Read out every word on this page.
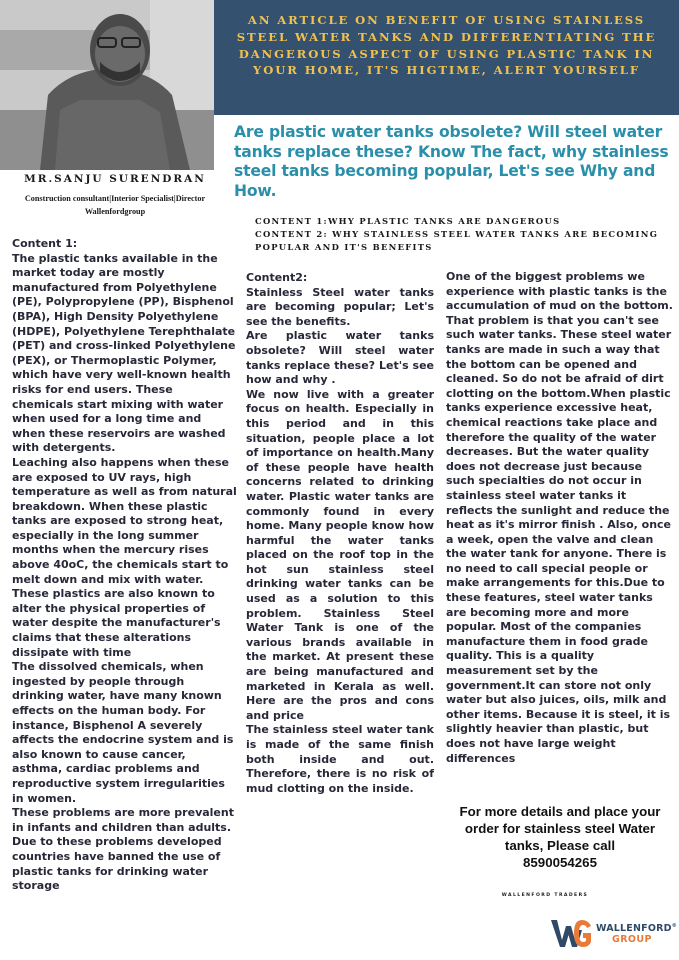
MR.SANJU SURENDRAN
Construction consultant|Interior Specialist|Director
Wallenfordgroup
AN ARTICLE ON BENEFIT OF USING STAINLESS STEEL WATER TANKS AND DIFFERENTIATING THE DANGEROUS ASPECT OF USING PLASTIC TANK IN YOUR HOME, IT'S HIGTIME, ALERT YOURSELF
Are plastic water tanks obsolete? Will steel water tanks replace these? Know The fact, why stainless steel tanks becoming popular, Let's see Why and How.
CONTENT 1:WHY PLASTIC TANKS ARE DANGEROUS
CONTENT 2: WHY STAINLESS STEEL WATER TANKS ARE BECOMING POPULAR AND IT'S BENEFITS

Content 1:

The plastic tanks available in the market today are mostly manufactured from Polyethylene (PE), Polypropylene (PP), Bisphenol (BPA), High Density Polyethylene (HDPE), Polyethylene Terephthalate (PET) and cross-linked Polyethylene (PEX), or Thermoplastic Polymer, which have very well-known health risks for end users. These chemicals start mixing with water when used for a long time and when these reservoirs are washed with detergents.

Leaching also happens when these are exposed to UV rays, high temperature as well as from natural breakdown. When these plastic tanks are exposed to strong heat, especially in the long summer months when the mercury rises above 40oC, the chemicals start to melt down and mix with water. These plastics are also known to alter the physical properties of water despite the manufacturer's claims that these alterations dissipate with time

The dissolved chemicals, when ingested by people through drinking water, have many known effects on the human body. For instance, Bisphenol A severely affects the endocrine system and is also known to cause cancer, asthma, cardiac problems and reproductive system irregularities in women.

These problems are more prevalent in infants and children than adults. Due to these problems developed countries have banned the use of plastic tanks for drinking water storage

Content2:

Stainless Steel water tanks are becoming popular; Let's see the benefits.

Are plastic water tanks obsolete? Will steel water tanks replace these? Let's see how and why .

We now live with a greater focus on health. Especially in this period and in this situation, people place a lot of importance on health.Many of these people have health concerns related to drinking water. Plastic water tanks are commonly found in every home. Many people know how harmful the water tanks placed on the roof top in the hot sun stainless steel drinking water tanks can be used as a solution to this problem. Stainless Steel Water Tank is one of the various brands available in the market. At present these are being manufactured and marketed in Kerala as well. Here are the pros and cons and price

The stainless steel water tank is made of the same finish both inside and out. Therefore, there is no risk of mud clotting on the inside.

One of the biggest problems we experience with plastic tanks is the accumulation of mud on the bottom. That problem is that you can't see such water tanks. These steel water tanks are made in such a way that the bottom can be opened and cleaned. So do not be afraid of dirt clotting on the bottom.When plastic tanks experience excessive heat, chemical reactions take place and therefore the quality of the water decreases. But the water quality does not decrease just because such specialties do not occur in stainless steel water tanks it reflects the sunlight and reduce the heat as it's mirror finish . Also, once a week, open the valve and clean the water tank for anyone. There is no need to call special people or make arrangements for this.Due to these features, steel water tanks are becoming more and more popular. Most of the companies manufacture them in food grade quality. This is a quality measurement set by the government.It can store not only water but also juices, oils, milk and other items. Because it is steel, it is slightly heavier than plastic, but does not have large weight differences

For more details and place your order for stainless steel Water tanks, Please call
8590054265
WALLENFORD TRADERS
WALLENFORD®
GROUP
